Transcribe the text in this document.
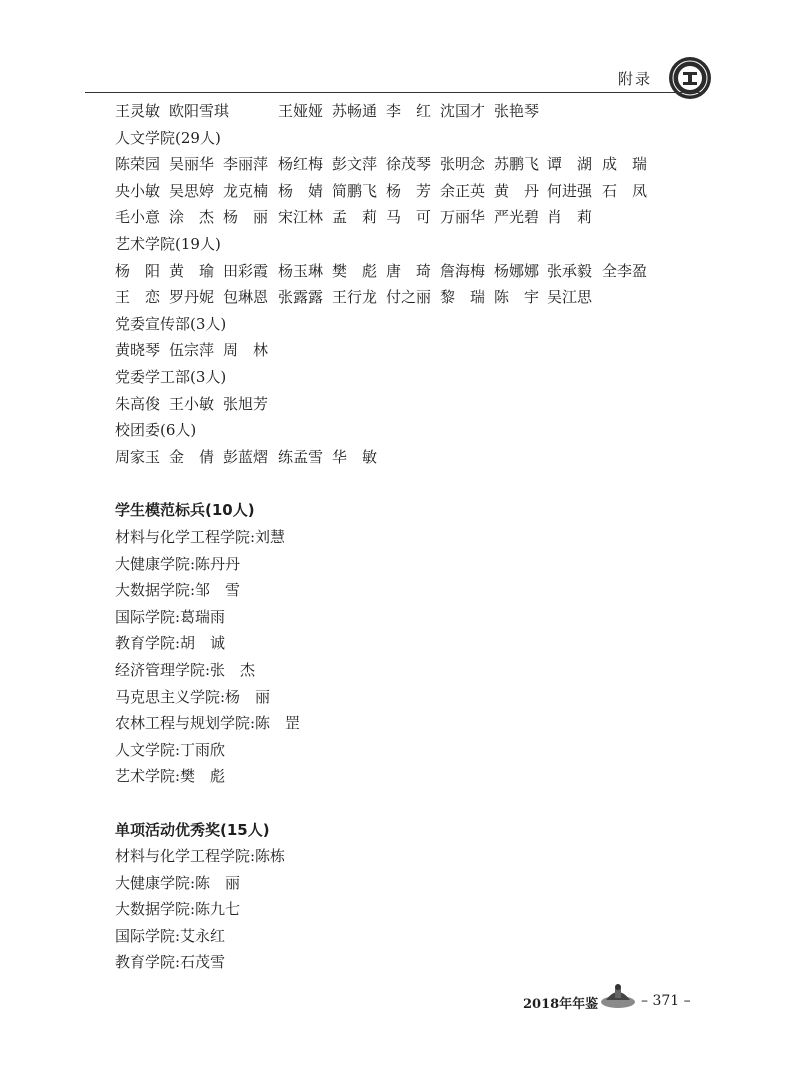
附录
王灵敏 欧阳雪琪	王娅娅 苏畅通 李　红 沈国才 张艳琴
人文学院(29人)
陈荣园 吴丽华 李丽萍 杨红梅 彭文萍 徐茂琴 张明念 苏鹏飞 谭　湖 成　瑞
央小敏 吴思婷 龙克楠 杨　婧 简鹏飞 杨　芳 余正英 黄　丹 何进强 石　凤
毛小意 涂　杰 杨　丽 宋江林 孟　莉 马　可 万丽华 严光碧 肖　莉
艺术学院(19人)
杨　阳 黄　瑜 田彩霞 杨玉琳 樊　彪 唐　琦 詹海梅 杨娜娜 张承毅 全李盈
王　恋 罗丹妮 包琳恩 张露露 王行龙 付之丽 黎　瑞 陈　宇 吴江思
党委宣传部(3人)
黄晓琴 伍宗萍 周　林
党委学工部(3人)
朱高俊 王小敏 张旭芳
校团委(6人)
周家玉 金　倩 彭蓝熠 练孟雪 华　敏
学生模范标兵(10人)
材料与化学工程学院:刘慧
大健康学院:陈丹丹
大数据学院:邹　雪
国际学院:葛瑞雨
教育学院:胡　诚
经济管理学院:张　杰
马克思主义学院:杨　丽
农林工程与规划学院:陈　罡
人文学院:丁雨欣
艺术学院:樊　彪
单项活动优秀奖(15人)
材料与化学工程学院:陈栋
大健康学院:陈　丽
大数据学院:陈九七
国际学院:艾永红
教育学院:石茂雪
2018年年鉴	– 371 –
